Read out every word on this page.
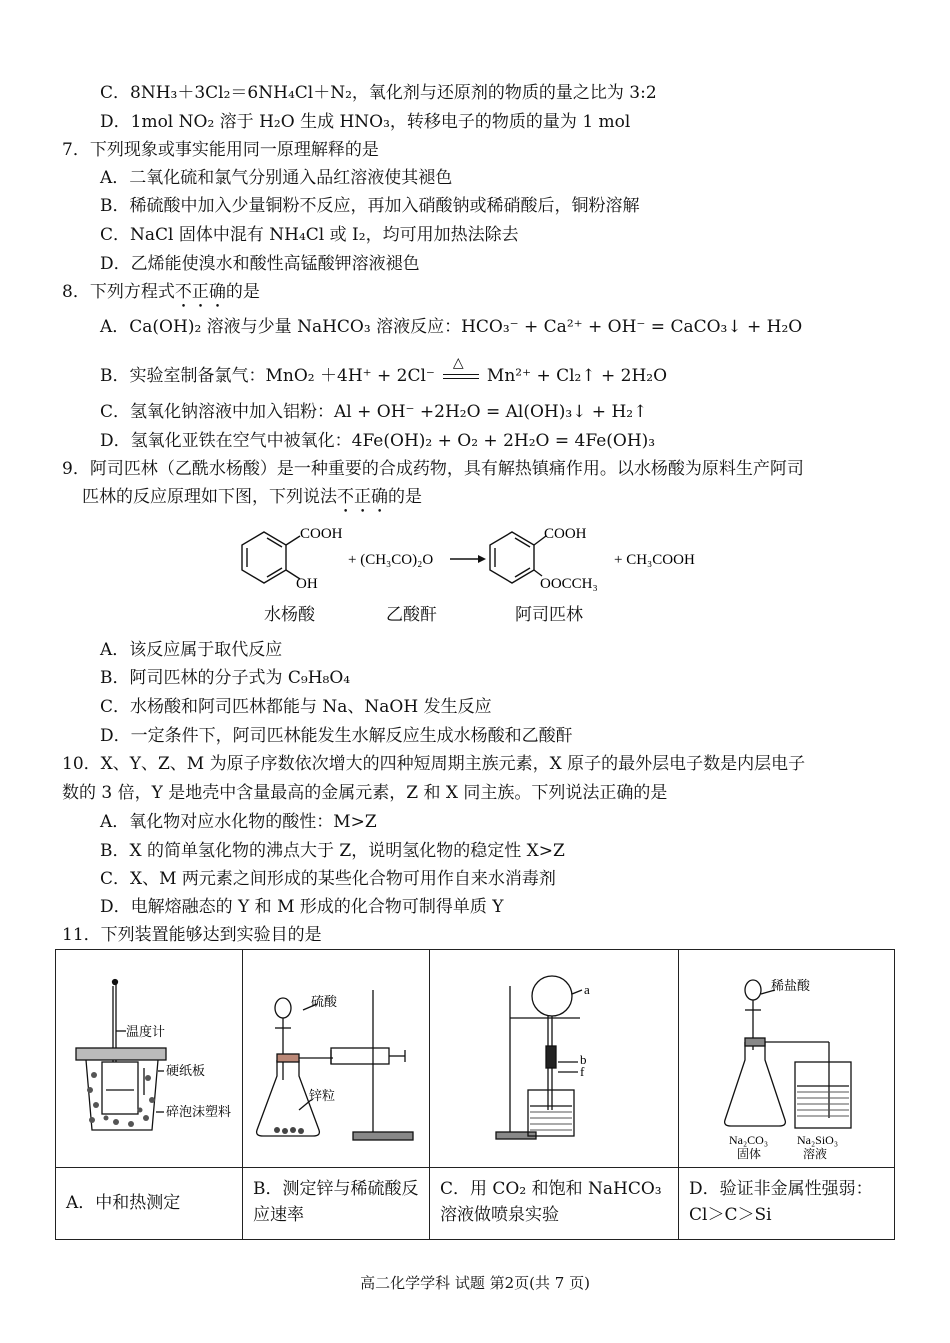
C．8NH₃＋3Cl₂＝6NH₄Cl＋N₂，氧化剂与还原剂的物质的量之比为 3:2
D．1mol NO₂ 溶于 H₂O 生成 HNO₃，转移电子的物质的量为 1 mol
7．下列现象或事实能用同一原理解释的是
A．二氧化硫和氯气分别通入品红溶液使其褪色
B．稀硫酸中加入少量铜粉不反应，再加入硝酸钠或稀硝酸后，铜粉溶解
C．NaCl 固体中混有 NH₄Cl 或 I₂，均可用加热法除去
D．乙烯能使溴水和酸性高锰酸钾溶液褪色
8．下列方程式不正确的是
A．Ca(OH)₂ 溶液与少量 NaHCO₃ 溶液反应：HCO₃⁻ + Ca²⁺ + OH⁻ = CaCO₃↓ + H₂O
B．实验室制备氯气：MnO₂ ＋4H⁺ + 2Cl⁻
△
Mn²⁺ + Cl₂↑ + 2H₂O
C．氢氧化钠溶液中加入铝粉：Al + OH⁻ +2H₂O = Al(OH)₃↓ + H₂↑
D．氢氧化亚铁在空气中被氧化：4Fe(OH)₂ + O₂ + 2H₂O = 4Fe(OH)₃
9．阿司匹林（乙酰水杨酸）是一种重要的合成药物，具有解热镇痛作用。以水杨酸为原料生产阿司
匹林的反应原理如下图，下列说法不正确的是
COOH
OH
+ (CH₃CO)₂O
COOH
OOCCH₃
+ CH₃COOH
水杨酸	乙酸酐	阿司匹林
A．该反应属于取代反应
B．阿司匹林的分子式为 C₉H₈O₄
C．水杨酸和阿司匹林都能与 Na、NaOH 发生反应
D．一定条件下，阿司匹林能发生水解反应生成水杨酸和乙酸酐
10．X、Y、Z、M 为原子序数依次增大的四种短周期主族元素，X 原子的最外层电子数是内层电子
数的 3 倍，Y 是地壳中含量最高的金属元素，Z 和 X 同主族。下列说法正确的是
A．氧化物对应水化物的酸性：M>Z
B．X 的简单氢化物的沸点大于 Z，说明氢化物的稳定性 X>Z
C．X、M 两元素之间形成的某些化合物可用作自来水消毒剂
D．电解熔融态的 Y 和 M 形成的化合物可制得单质 Y
11．下列装置能够达到实验目的是
温度计
硬纸板
碎泡沫塑料	硫酸
锌粒	a
b
f	稀盐酸
Na₂CO₃
固体
Na₂SiO₃
溶液

A．中和热测定	B．测定锌与稀硫酸反应速率	C．用 CO₂ 和饱和 NaHCO₃ 溶液做喷泉实验	D．验证非金属性强弱：Cl＞C＞Si
高二化学学科 试题 第2页(共 7 页)
